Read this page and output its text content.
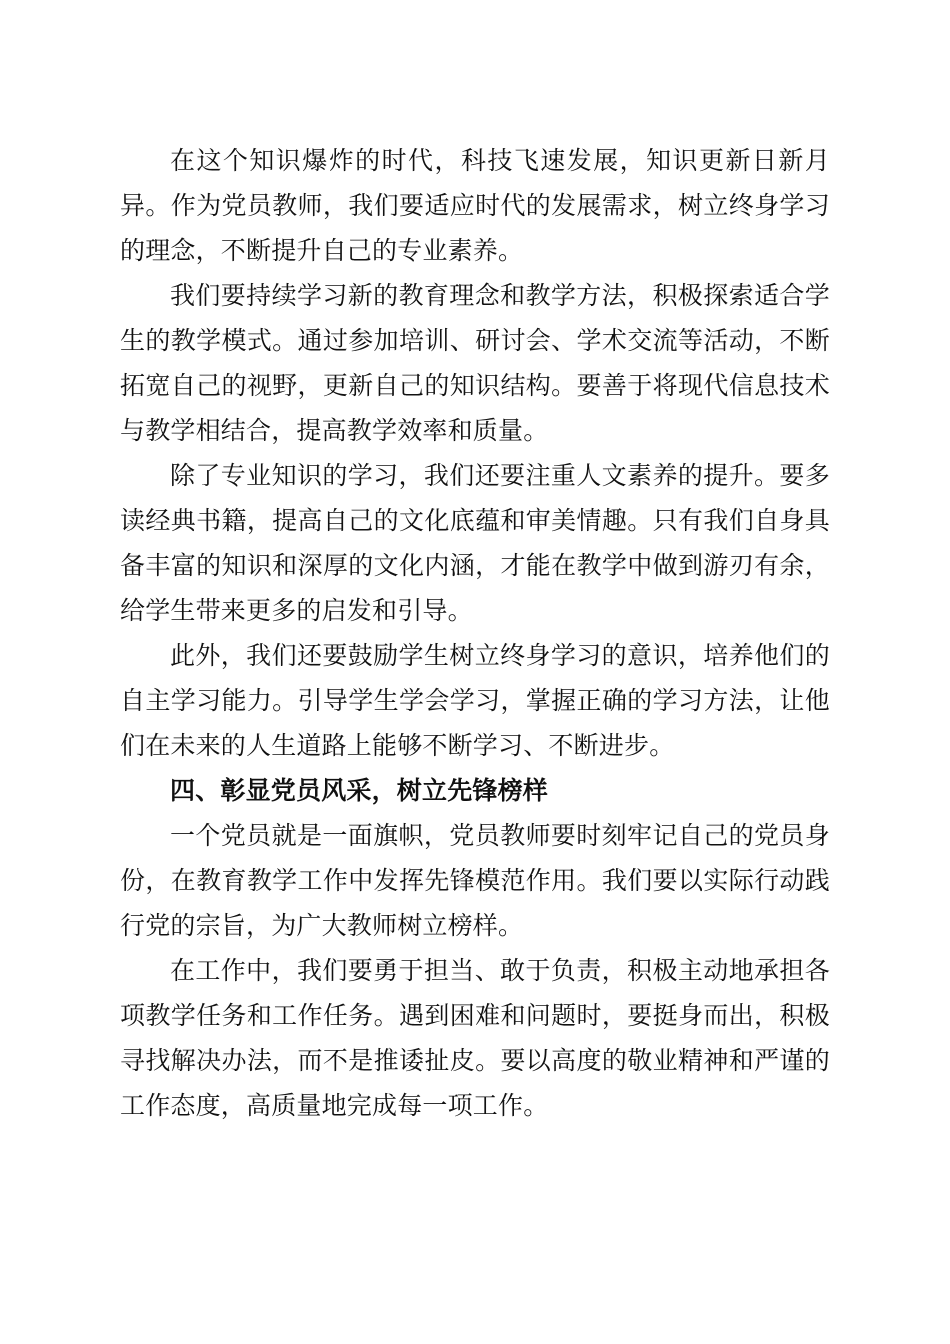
在这个知识爆炸的时代，科技飞速发展，知识更新日新月异。作为党员教师，我们要适应时代的发展需求，树立终身学习的理念，不断提升自己的专业素养。

我们要持续学习新的教育理念和教学方法，积极探索适合学生的教学模式。通过参加培训、研讨会、学术交流等活动，不断拓宽自己的视野，更新自己的知识结构。要善于将现代信息技术与教学相结合，提高教学效率和质量。

除了专业知识的学习，我们还要注重人文素养的提升。要多读经典书籍，提高自己的文化底蕴和审美情趣。只有我们自身具备丰富的知识和深厚的文化内涵，才能在教学中做到游刃有余，给学生带来更多的启发和引导。

此外，我们还要鼓励学生树立终身学习的意识，培养他们的自主学习能力。引导学生学会学习，掌握正确的学习方法，让他们在未来的人生道路上能够不断学习、不断进步。

四、彰显党员风采，树立先锋榜样

一个党员就是一面旗帜，党员教师要时刻牢记自己的党员身份，在教育教学工作中发挥先锋模范作用。我们要以实际行动践行党的宗旨，为广大教师树立榜样。

在工作中，我们要勇于担当、敢于负责，积极主动地承担各项教学任务和工作任务。遇到困难和问题时，要挺身而出，积极寻找解决办法，而不是推诿扯皮。要以高度的敬业精神和严谨的工作态度，高质量地完成每一项工作。
